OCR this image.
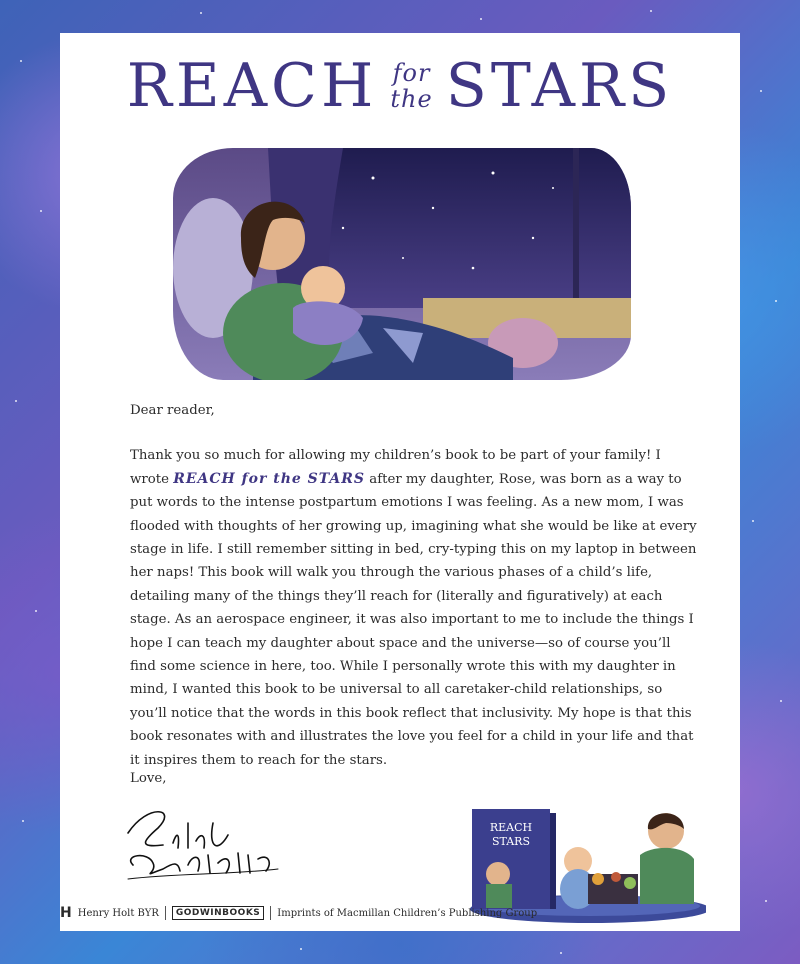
REACH for
the STARS

Dear reader,

Thank you so much for allowing my children’s book to be part of your family! I wrote REACH for the STARS after my daughter, Rose, was born as a way to put words to the intense postpartum emotions I was feeling. As a new mom, I was flooded with thoughts of her growing up, imagining what she would be like at every stage in life. I still remember sitting in bed, cry-typing this on my laptop in between her naps! This book will walk you through the various phases of a child’s life, detailing many of the things they’ll reach for (literally and figuratively) at each stage. As an aerospace engineer, it was also important to me to include the things I hope I can teach my daughter about space and the universe—so of course you’ll find some science in here, too. While I personally wrote this with my daughter in mind, I wanted this book to be universal to all caretaker-child relationships, so you’ll notice that the words in this book reflect that inclusivity. My hope is that this book resonates with and illustrates the love you feel for a child in your life and that it inspires them to reach for the stars.

Love,
REACH
STARS
H Henry Holt BYR	GODWINBOOKS	Imprints of Macmillan Children’s Publishing Group
